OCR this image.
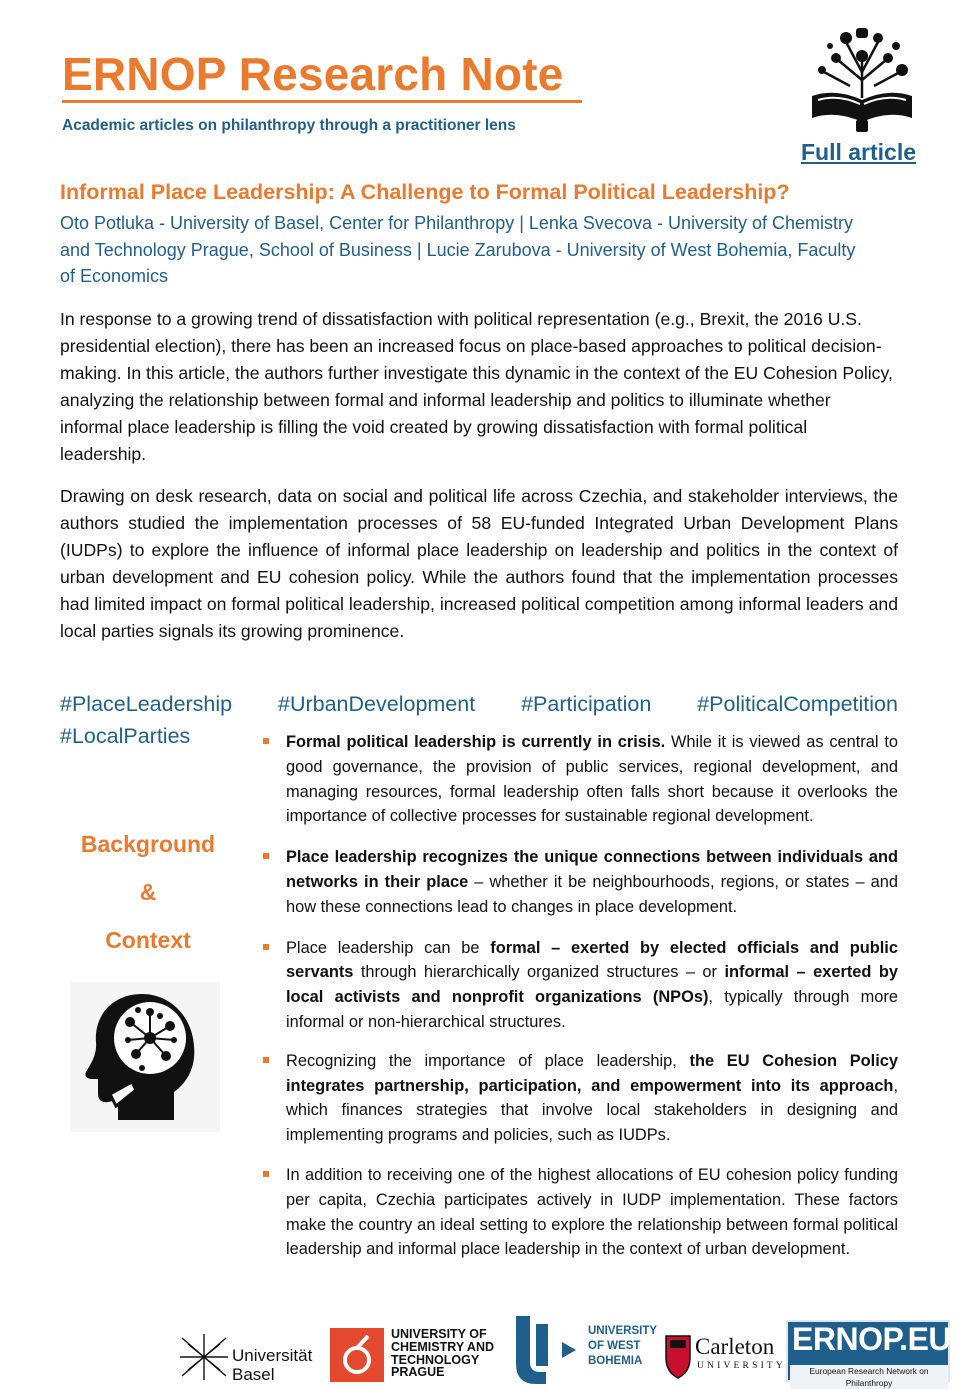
ERNOP Research Note
Academic articles on philanthropy through a practitioner lens
Full article
Informal Place Leadership: A Challenge to Formal Political Leadership?
Oto Potluka - University of Basel, Center for Philanthropy | Lenka Svecova - University of Chemistry and Technology Prague, School of Business | Lucie Zarubova - University of West Bohemia, Faculty of Economics
In response to a growing trend of dissatisfaction with political representation (e.g., Brexit, the 2016 U.S. presidential election), there has been an increased focus on place-based approaches to political decision-making. In this article, the authors further investigate this dynamic in the context of the EU Cohesion Policy, analyzing the relationship between formal and informal leadership and politics to illuminate whether informal place leadership is filling the void created by growing dissatisfaction with formal political leadership.
Drawing on desk research, data on social and political life across Czechia, and stakeholder interviews, the authors studied the implementation processes of 58 EU-funded Integrated Urban Development Plans (IUDPs) to explore the influence of informal place leadership on leadership and politics in the context of urban development and EU cohesion policy. While the authors found that the implementation processes had limited impact on formal political leadership, increased political competition among informal leaders and local parties signals its growing prominence.
#PlaceLeadership #UrbanDevelopment #Participation #PoliticalCompetition
#LocalParties
Background
&
Context
Formal political leadership is currently in crisis. While it is viewed as central to good governance, the provision of public services, regional development, and managing resources, formal leadership often falls short because it overlooks the importance of collective processes for sustainable regional development.
Place leadership recognizes the unique connections between individuals and networks in their place – whether it be neighbourhoods, regions, or states – and how these connections lead to changes in place development.
Place leadership can be formal – exerted by elected officials and public servants through hierarchically organized structures – or informal – exerted by local activists and nonprofit organizations (NPOs), typically through more informal or non-hierarchical structures.
Recognizing the importance of place leadership, the EU Cohesion Policy integrates partnership, participation, and empowerment into its approach, which finances strategies that involve local stakeholders in designing and implementing programs and policies, such as IUDPs.
In addition to receiving one of the highest allocations of EU cohesion policy funding per capita, Czechia participates actively in IUDP implementation. These factors make the country an ideal setting to explore the relationship between formal political leadership and informal place leadership in the context of urban development.
Universität
Basel
UNIVERSITY OF
CHEMISTRY AND
TECHNOLOGY
PRAGUE
UNIVERSITY
OF WEST
BOHEMIA
Carleton
UNIVERSITY
ERNOP.EU
European Research Network on Philanthropy
